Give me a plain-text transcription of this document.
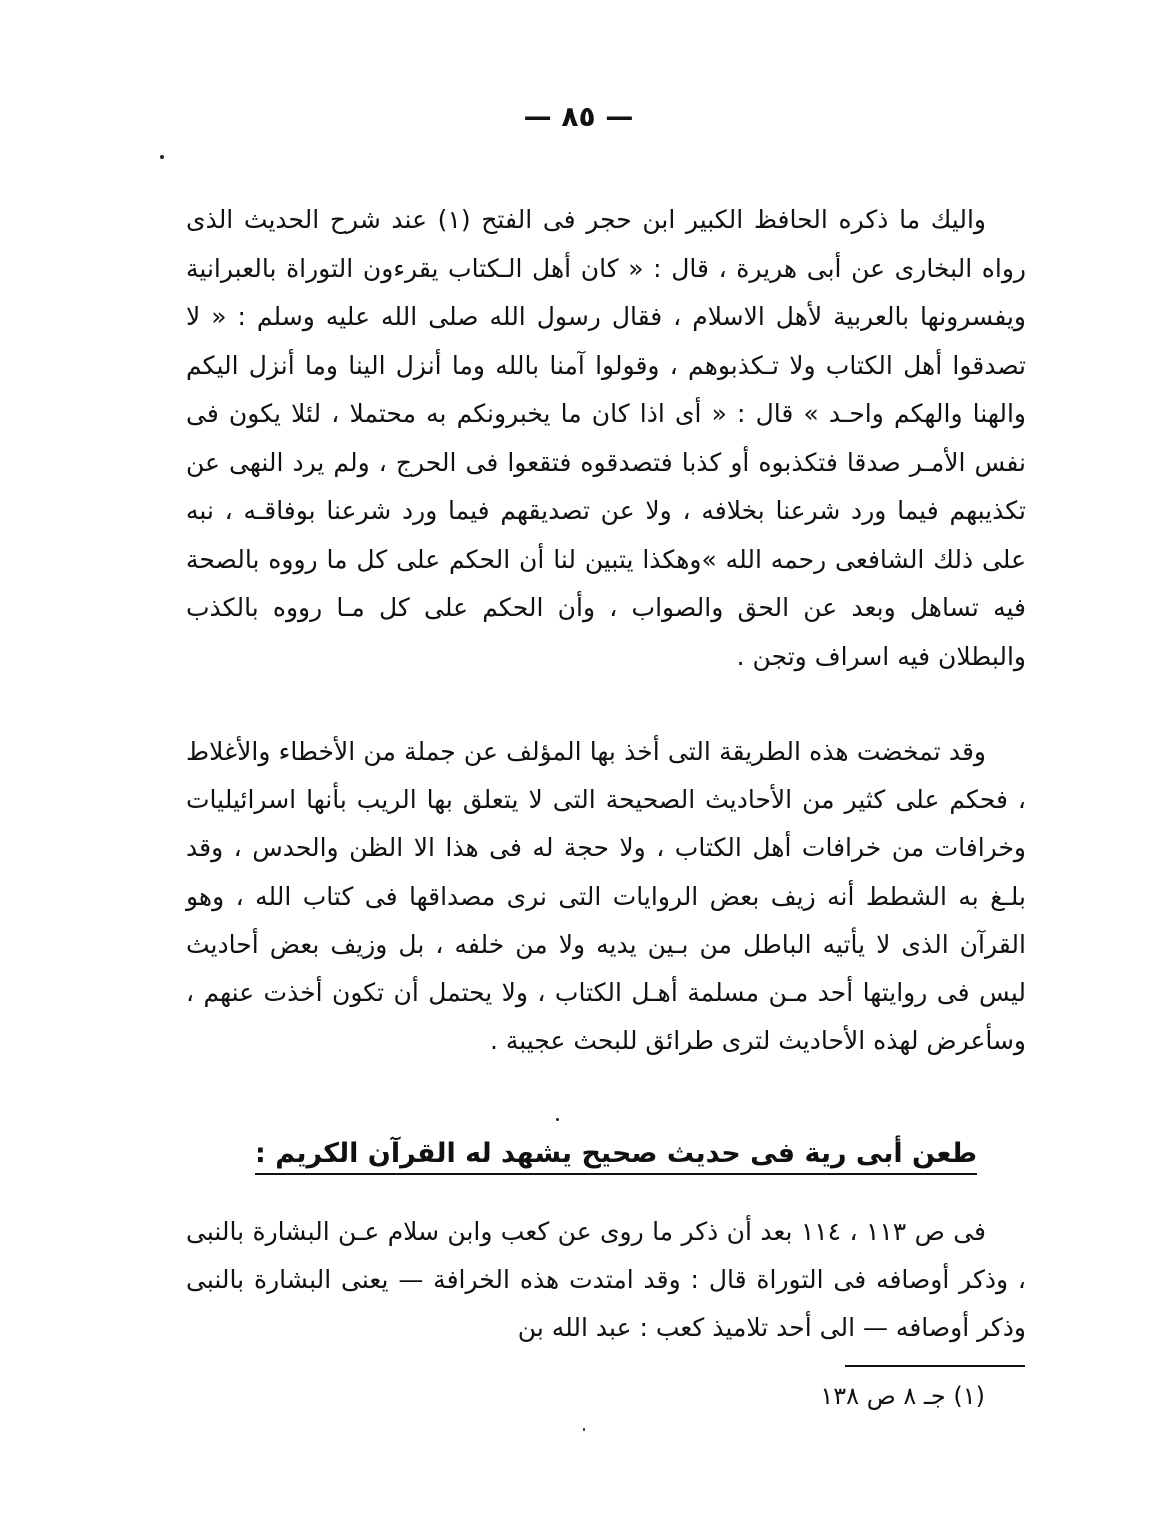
— ٨٥ —
واليك ما ذكره الحافظ الكبير ابن حجر فى الفتح (١) عند شرح الحديث الذى رواه البخارى عن أبى هريرة ، قال : « كان أهل الـكتاب يقرءون التوراة بالعبرانية ويفسرونها بالعربية لأهل الاسلام ، فقال رسول الله صلى الله عليه وسلم : « لا تصدقوا أهل الكتاب ولا تـكذبوهم ، وقولوا آمنا بالله وما أنزل الينا وما أنزل اليكم والهنا والهكم واحـد » قال : « أى اذا كان ما يخبرونكم به محتملا ، لئلا يكون فى نفس الأمـر صدقا فتكذبوه أو كذبا فتصدقوه فتقعوا فى الحرج ، ولم يرد النهى عن تكذيبهم فيما ورد شرعنا بخلافه ، ولا عن تصديقهم فيما ورد شرعنا بوفاقـه ، نبه على ذلك الشافعى رحمه الله »وهكذا يتبين لنا أن الحكم على كل ما رووه بالصحة فيه تساهل وبعد عن الحق والصواب ، وأن الحكم على كل مـا رووه بالكذب والبطلان فيه اسراف وتجن .
وقد تمخضت هذه الطريقة التى أخذ بها المؤلف عن جملة من الأخطاء والأغلاط ، فحكم على كثير من الأحاديث الصحيحة التى لا يتعلق بها الريب بأنها اسرائيليات وخرافات من خرافات أهل الكتاب ، ولا حجة له فى هذا الا الظن والحدس ، وقد بلـغ به الشطط أنه زيف بعض الروايات التى نرى مصداقها فى كتاب الله ، وهو القرآن الذى لا يأتيه الباطل من بـين يديه ولا من خلفه ، بل وزيف بعض أحاديث ليس فى روايتها أحد مـن مسلمة أهـل الكتاب ، ولا يحتمل أن تكون أخذت عنهم ، وسأعرض لهذه الأحاديث لترى طرائق للبحث عجيبة .
طعن أبى رية فى حديث صحيح يشهد له القرآن الكريم :
فى ص ١١٣ ، ١١٤ بعد أن ذكر ما روى عن كعب وابن سلام عـن البشارة بالنبى ، وذكر أوصافه فى التوراة قال : وقد امتدت هذه الخرافة — يعنى البشارة بالنبى وذكر أوصافه — الى أحد تلاميذ كعب : عبد الله بن
(١) جـ ٨ ص ١٣٨
